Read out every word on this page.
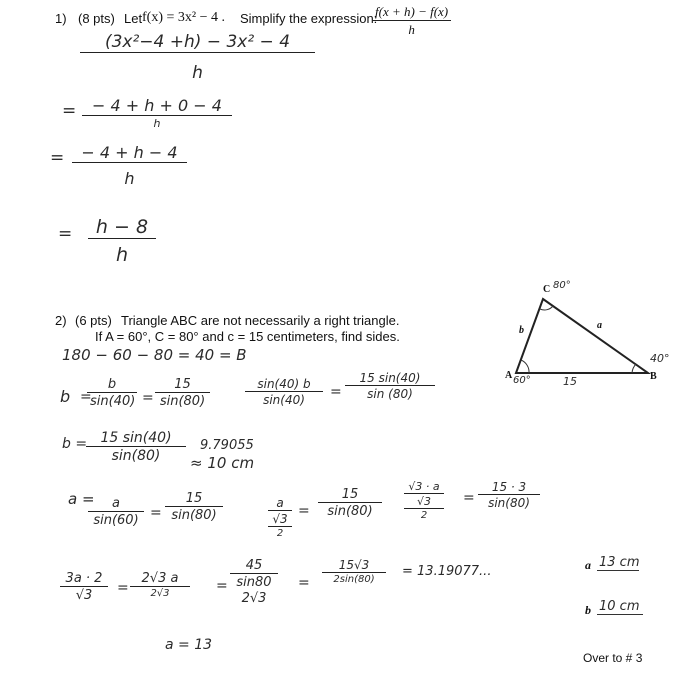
1) (8 pts) Let f(x) = 3x² − 4 . Simplify the expression:
$\frac{f(x + h) - f(x)}{h}$
$\frac{\text{(3x²−4 +h) − 3x² − 4}}{h}$
= − 4 + h + 0 − 4
h
= $\frac{- 4 + h - 4}{h}$
= $\frac{h - 8}{h}$
2) (6 pts) Triangle ABC are not necessarily a right triangle.
If A = 60°, C = 80° and c = 15 centimeters, find sides.
A 60°	B
40°
C 80°
a
b
15
180 − 60 − 80 = 40 = B
b =
$\frac{b}{\sin(40)} = \frac{15}{\sin(80)}$	$\frac{\sin(40) b}{\sin(40)} = \frac{15 \sin(40)}{\sin (80)}$
b =
$\frac{15 \sin(40)}{\sin(80)} 9.79055$
≈ 10 cm
a =
$\frac{a}{\sin(60)} = \frac{15}{\sin(80)}$	a
√3
2
= $\frac{15}{\sin(80)}$
√3 · a
√3
2
= $\frac{15 \cdot 3}{\sin(80)}$
$\frac{3a \cdot 2}{√3}$ =
2√3 a
2√3	=
45
sin80
2√3
=
15√3
2sin(80)
= 13.19077...
a = 13
a 13 cm
b 10 cm
Over to # 3
